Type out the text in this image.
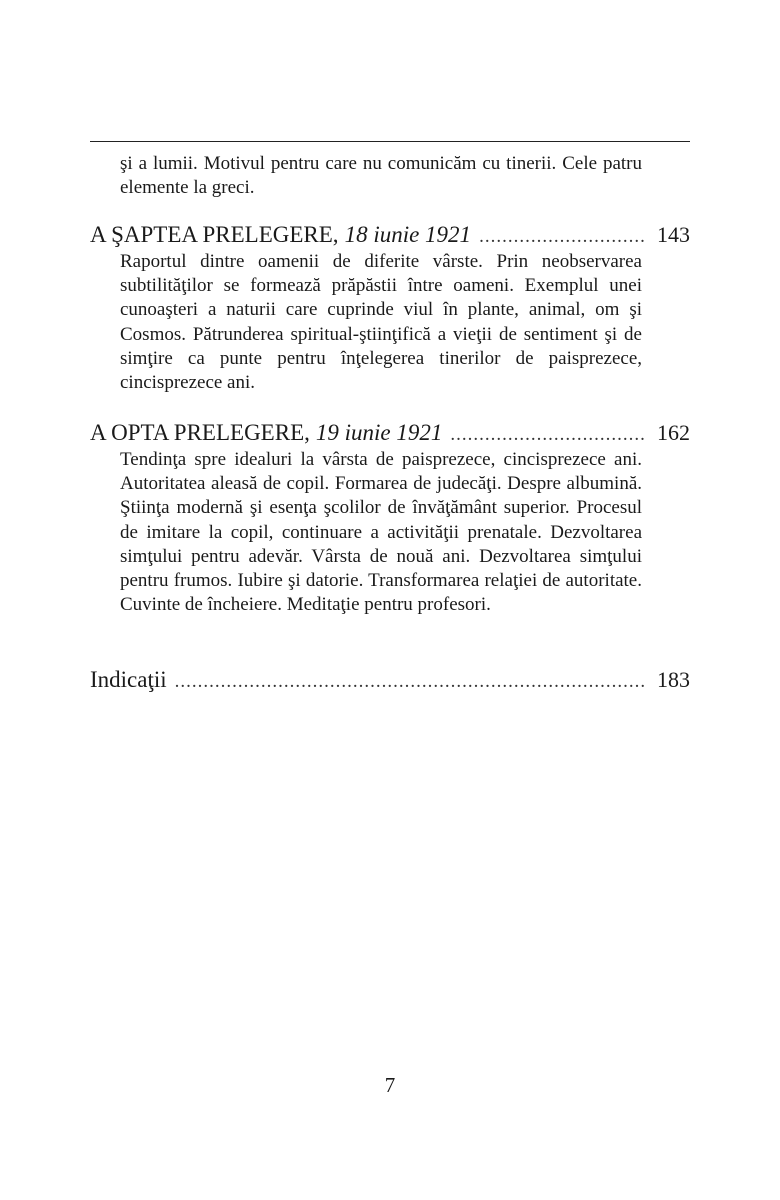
şi a lumii. Motivul pentru care nu comunicăm cu tinerii. Cele patru elemente la greci.

A ŞAPTEA PRELEGERE, 18 iunie 1921 .....	143

Raportul dintre oamenii de diferite vârste. Prin neobservarea subtilităţilor se formează prăpăstii între oameni. Exemplul unei cunoaşteri a naturii care cuprinde viul în plante, animal, om şi Cosmos. Pătrunderea spiritual-ştiinţifică a vieţii de sentiment şi de simţire ca punte pentru înţelegerea tinerilor de paisprezece, cincisprezece ani.

A OPTA PRELEGERE, 19 iunie 1921 .....	162

Tendinţa spre idealuri la vârsta de paisprezece, cincisprezece ani. Autoritatea aleasă de copil. Formarea de judecăţi. Despre albumină. Ştiinţa modernă şi esenţa şcolilor de învăţământ superior. Procesul de imitare la copil, continuare a activităţii prenatale. Dezvoltarea simţului pentru adevăr. Vârsta de nouă ani. Dezvoltarea simţului pentru frumos. Iubire şi datorie. Transformarea relaţiei de autoritate. Cuvinte de încheiere. Meditaţie pentru profesori.

Indicaţii .....	183
7
